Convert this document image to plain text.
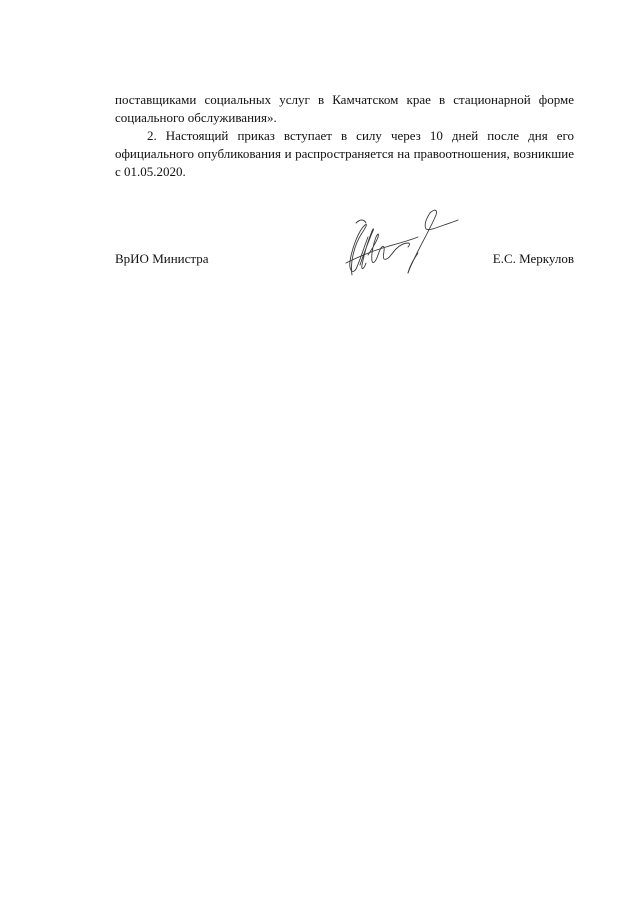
поставщиками социальных услуг в Камчатском крае в стационарной форме социального обслуживания».

2. Настоящий приказ вступает в силу через 10 дней после дня его официального опубликования и распространяется на правоотношения, возникшие с 01.05.2020.

ВрИО Министра	Е.С. Меркулов
